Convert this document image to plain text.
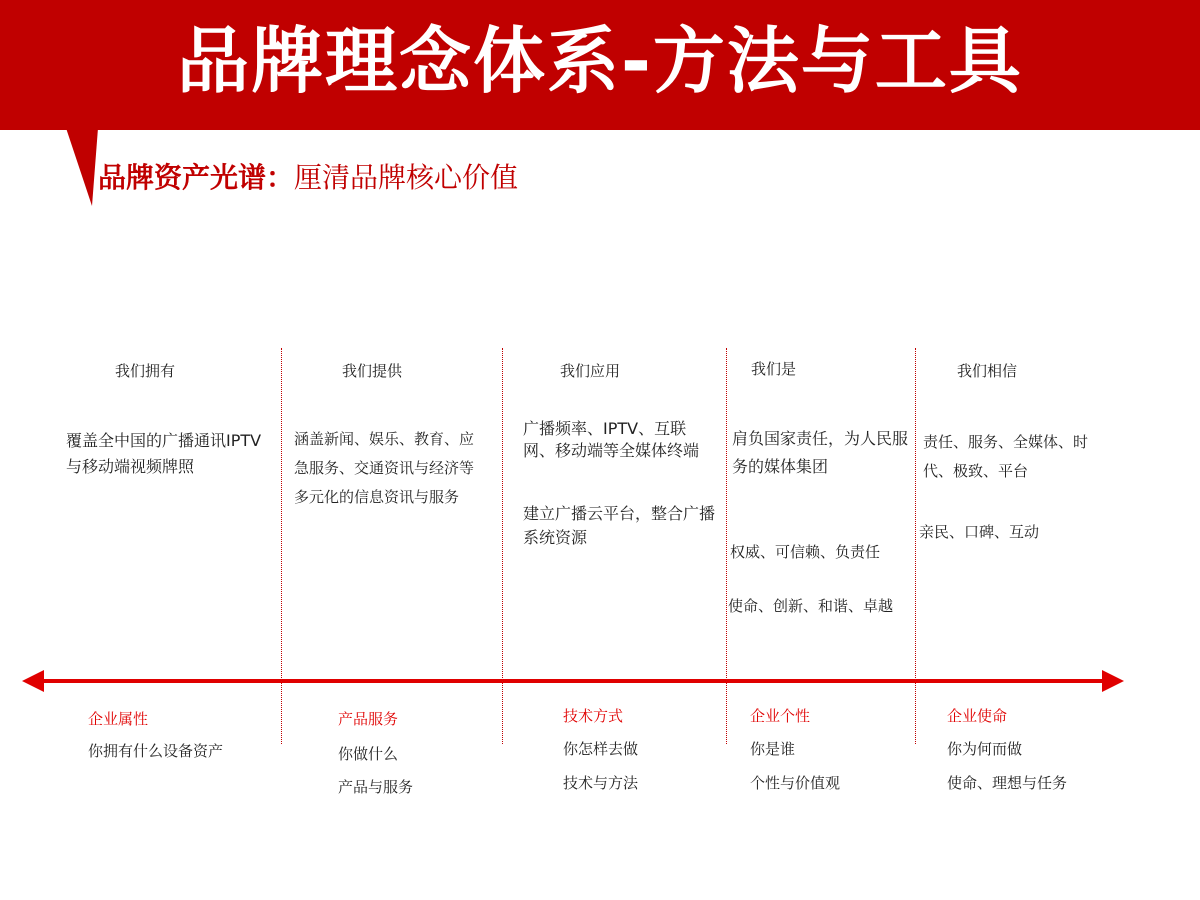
品牌理念体系-方法与工具
品牌资产光谱：厘清品牌核心价值
我们拥有
覆盖全中国的广播通讯IPTV与移动端视频牌照
企业属性
你拥有什么设备资产
我们提供
涵盖新闻、娱乐、教育、应急服务、交通资讯与经济等多元化的信息资讯与服务
产品服务
你做什么
产品与服务
我们应用
广播频率、IPTV、互联网、移动端等全媒体终端
建立广播云平台，整合广播系统资源
技术方式
你怎样去做
技术与方法
我们是
肩负国家责任，为人民服务的媒体集团
权威、可信赖、负责任
使命、创新、和谐、卓越
企业个性
你是谁
个性与价值观
我们相信
责任、服务、全媒体、时代、极致、平台
亲民、口碑、互动
企业使命
你为何而做
使命、理想与任务
